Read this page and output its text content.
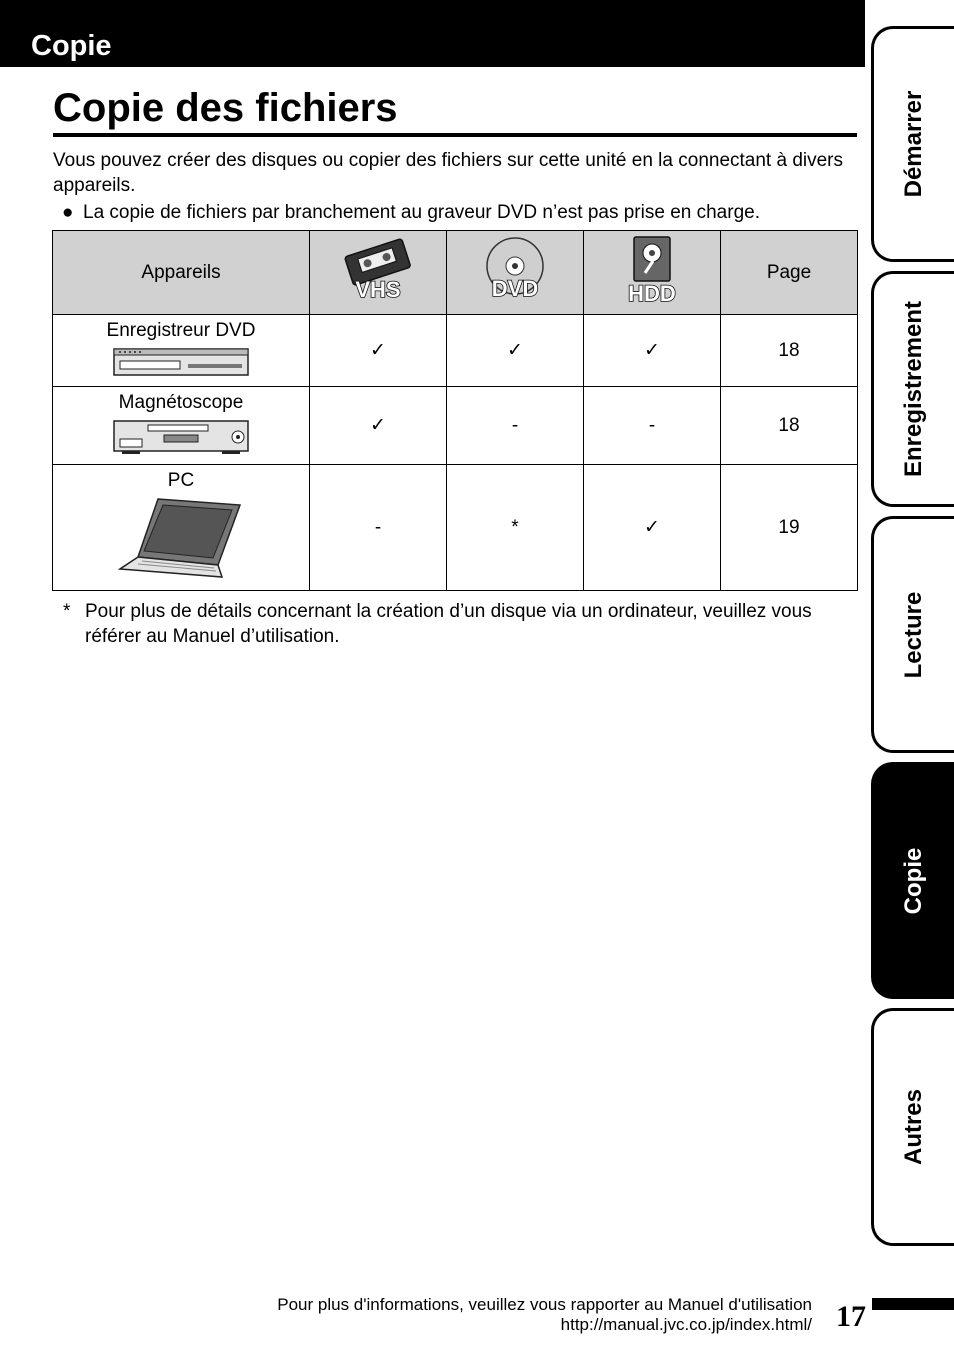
Copie
Copie des fichiers
Vous pouvez créer des disques ou copier des fichiers sur cette unité en la connectant à divers appareils.
● La copie de fichiers par branchement au graveur DVD n’est pas prise en charge.
Appareils	VHS	DVD	HDD	Page

Enregistreur DVD	✓	✓	✓	18

Magnétoscope	✓	-	-	18

PC	-	*	✓	19
* Pour plus de détails concernant la création d’un disque via un ordinateur, veuillez vous référer au Manuel d’utilisation.
Démarrer
Enregistrement
Lecture
Copie
Autres
Pour plus d'informations, veuillez vous rapporter au Manuel d'utilisation
http://manual.jvc.co.jp/index.html/ 17
